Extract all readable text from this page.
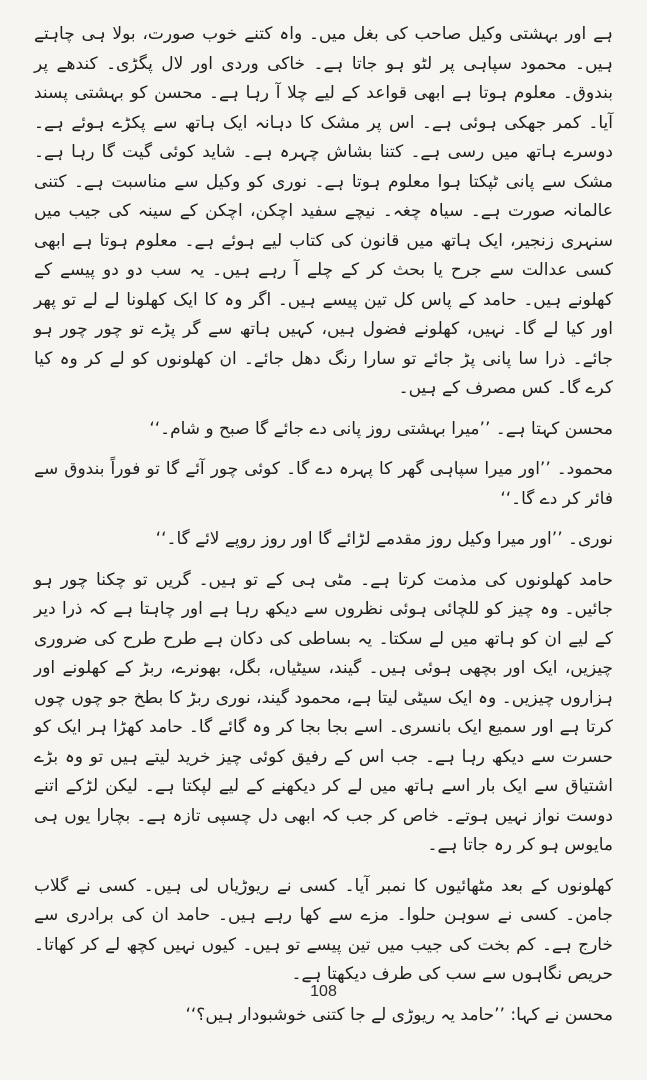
ہے اور بہشتی وکیل صاحب کی بغل میں۔ واہ کتنے خوب صورت، بولا ہی چاہتے ہیں۔ محمود سپاہی پر لٹو ہو جاتا ہے۔ خاکی وردی اور لال پگڑی۔ کندھے پر بندوق۔ معلوم ہوتا ہے ابھی قواعد کے لیے چلا آ رہا ہے۔ محسن کو بہشتی پسند آیا۔ کمر جھکی ہوئی ہے۔ اس پر مشک کا دہانہ ایک ہاتھ سے پکڑے ہوئے ہے۔ دوسرے ہاتھ میں رسی ہے۔ کتنا بشاش چہرہ ہے۔ شاید کوئی گیت گا رہا ہے۔ مشک سے پانی ٹپکتا ہوا معلوم ہوتا ہے۔ نوری کو وکیل سے مناسبت ہے۔ کتنی عالمانہ صورت ہے۔ سیاہ چغہ۔ نیچے سفید اچکن، اچکن کے سینہ کی جیب میں سنہری زنجیر، ایک ہاتھ میں قانون کی کتاب لیے ہوئے ہے۔ معلوم ہوتا ہے ابھی کسی عدالت سے جرح یا بحث کر کے چلے آ رہے ہیں۔ یہ سب دو دو پیسے کے کھلونے ہیں۔ حامد کے پاس کل تین پیسے ہیں۔ اگر وہ کا ایک کھلونا لے لے تو پھر اور کیا لے گا۔ نہیں، کھلونے فضول ہیں، کہیں ہاتھ سے گر پڑے تو چور چور ہو جائے۔ ذرا سا پانی پڑ جائے تو سارا رنگ دھل جائے۔ ان کھلونوں کو لے کر وہ کیا کرے گا۔ کس مصرف کے ہیں۔

محسن کہتا ہے۔ ’’میرا بہشتی روز پانی دے جائے گا صبح و شام۔‘‘

محمود۔ ’’اور میرا سپاہی گھر کا پہرہ دے گا۔ کوئی چور آئے گا تو فوراً بندوق سے فائر کر دے گا۔‘‘

نوری۔ ’’اور میرا وکیل روز مقدمے لڑائے گا اور روز روپے لائے گا۔‘‘

حامد کھلونوں کی مذمت کرتا ہے۔ مٹی ہی کے تو ہیں۔ گریں تو چکنا چور ہو جائیں۔ وہ چیز کو للچائی ہوئی نظروں سے دیکھ رہا ہے اور چاہتا ہے کہ ذرا دیر کے لیے ان کو ہاتھ میں لے سکتا۔ یہ بساطی کی دکان ہے طرح طرح کی ضروری چیزیں، ایک اور بچھی ہوئی ہیں۔ گیند، سیٹیاں، بگل، بھونرے، ربڑ کے کھلونے اور ہزاروں چیزیں۔ وہ ایک سیٹی لیتا ہے، محمود گیند، نوری ربڑ کا بطخ جو چوں چوں کرتا ہے اور سمیع ایک بانسری۔ اسے بجا بجا کر وہ گائے گا۔ حامد کھڑا ہر ایک کو حسرت سے دیکھ رہا ہے۔ جب اس کے رفیق کوئی چیز خرید لیتے ہیں تو وہ بڑے اشتیاق سے ایک بار اسے ہاتھ میں لے کر دیکھنے کے لیے لپکتا ہے۔ لیکن لڑکے اتنے دوست نواز نہیں ہوتے۔ خاص کر جب کہ ابھی دل چسپی تازہ ہے۔ بچارا یوں ہی مایوس ہو کر رہ جاتا ہے۔

کھلونوں کے بعد مٹھائیوں کا نمبر آیا۔ کسی نے ریوڑیاں لی ہیں۔ کسی نے گلاب جامن۔ کسی نے سوہن حلوا۔ مزے سے کھا رہے ہیں۔ حامد ان کی برادری سے خارج ہے۔ کم بخت کی جیب میں تین پیسے تو ہیں۔ کیوں نہیں کچھ لے کر کھاتا۔ حریص نگاہوں سے سب کی طرف دیکھتا ہے۔

محسن نے کہا: ’’حامد یہ ریوڑی لے جا کتنی خوشبودار ہیں؟‘‘

108
